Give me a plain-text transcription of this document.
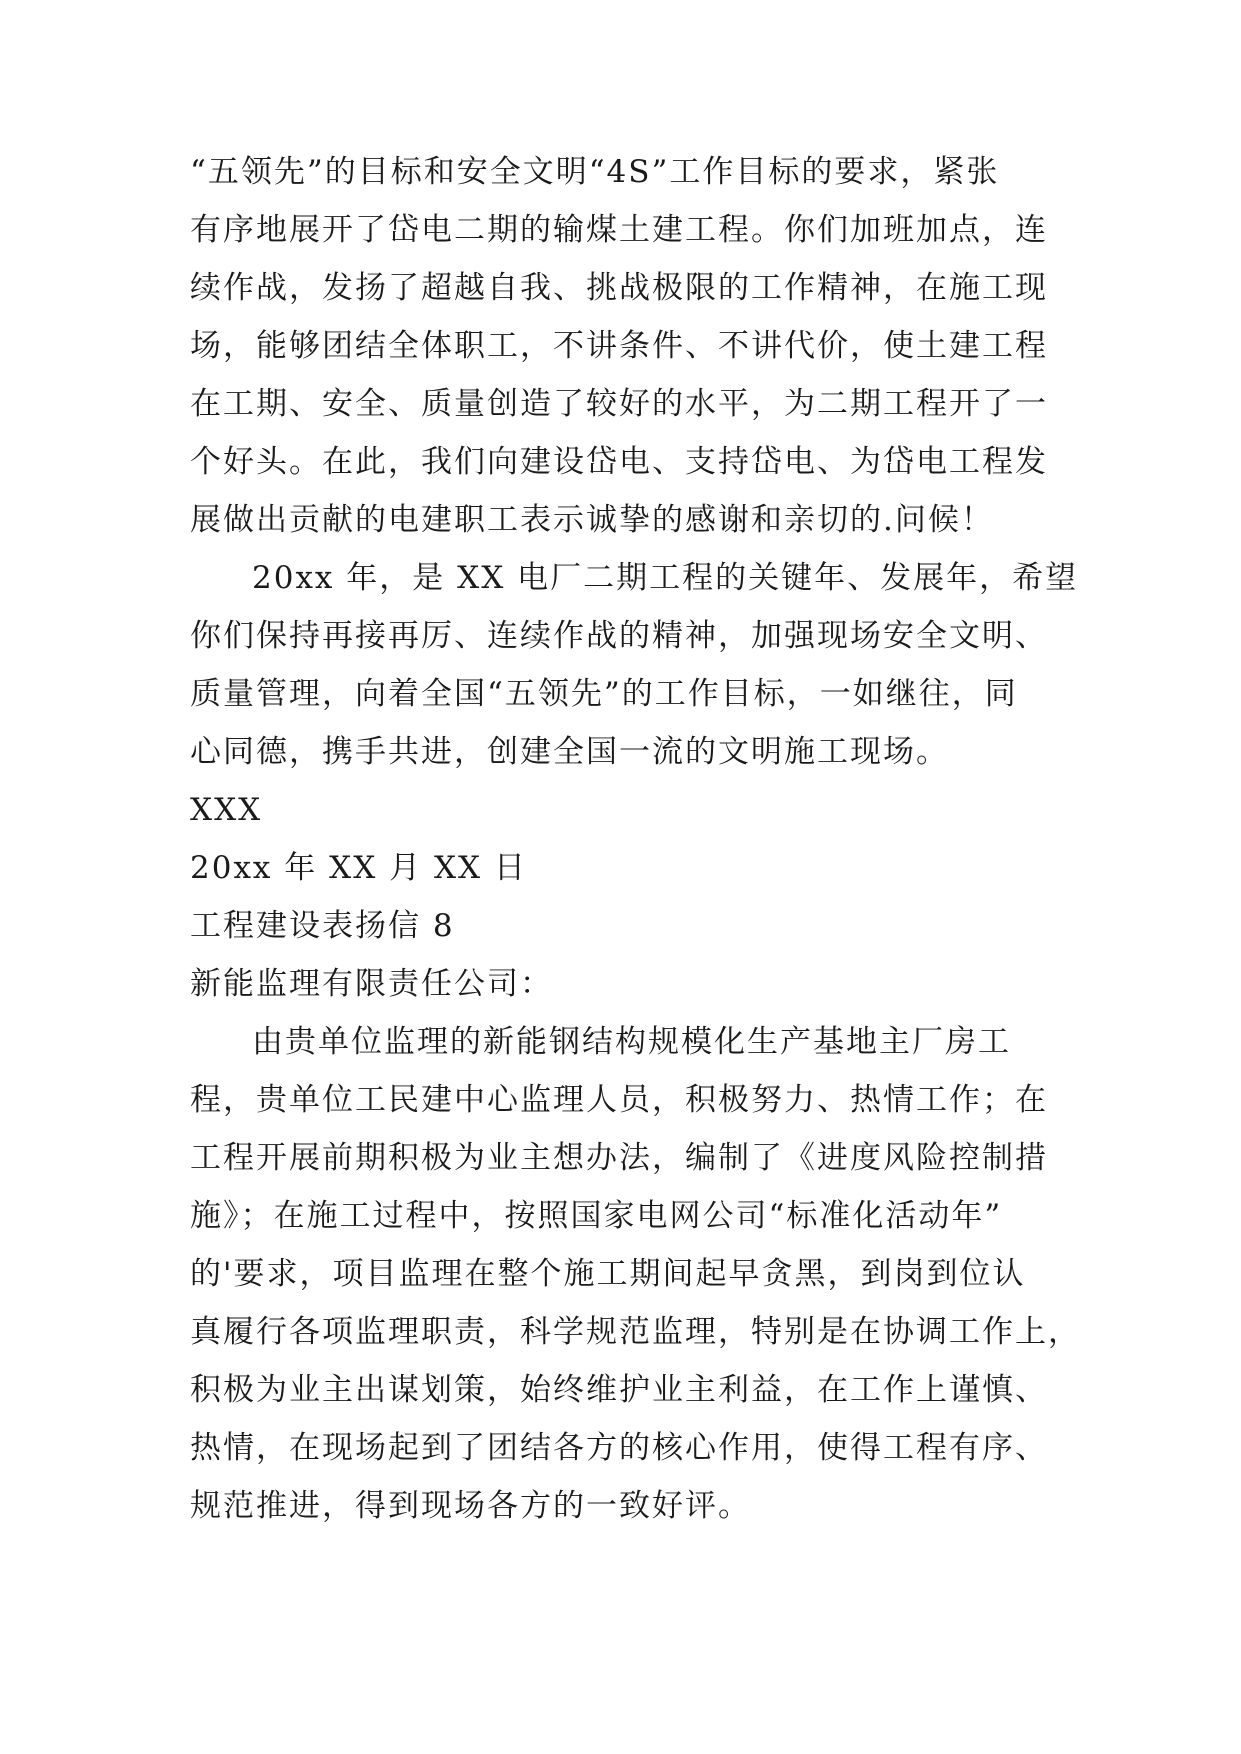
“五领先”的目标和安全文明“4S”工作目标的要求，紧张
有序地展开了岱电二期的输煤土建工程。你们加班加点，连
续作战，发扬了超越自我、挑战极限的工作精神，在施工现
场，能够团结全体职工，不讲条件、不讲代价，使土建工程
在工期、安全、质量创造了较好的水平，为二期工程开了一
个好头。在此，我们向建设岱电、支持岱电、为岱电工程发
展做出贡献的电建职工表示诚挚的感谢和亲切的.问候！
20xx 年，是 XX 电厂二期工程的关键年、发展年，希望
你们保持再接再厉、连续作战的精神，加强现场安全文明、
质量管理，向着全国“五领先”的工作目标，一如继往，同
心同德，携手共进，创建全国一流的文明施工现场。
XXX
20xx 年 XX 月 XX 日
工程建设表扬信 8
新能监理有限责任公司：
由贵单位监理的新能钢结构规模化生产基地主厂房工
程，贵单位工民建中心监理人员，积极努力、热情工作；在
工程开展前期积极为业主想办法，编制了《进度风险控制措
施》；在施工过程中，按照国家电网公司“标准化活动年”
的'要求，项目监理在整个施工期间起早贪黑，到岗到位认
真履行各项监理职责，科学规范监理，特别是在协调工作上，
积极为业主出谋划策，始终维护业主利益，在工作上谨慎、
热情，在现场起到了团结各方的核心作用，使得工程有序、
规范推进，得到现场各方的一致好评。
